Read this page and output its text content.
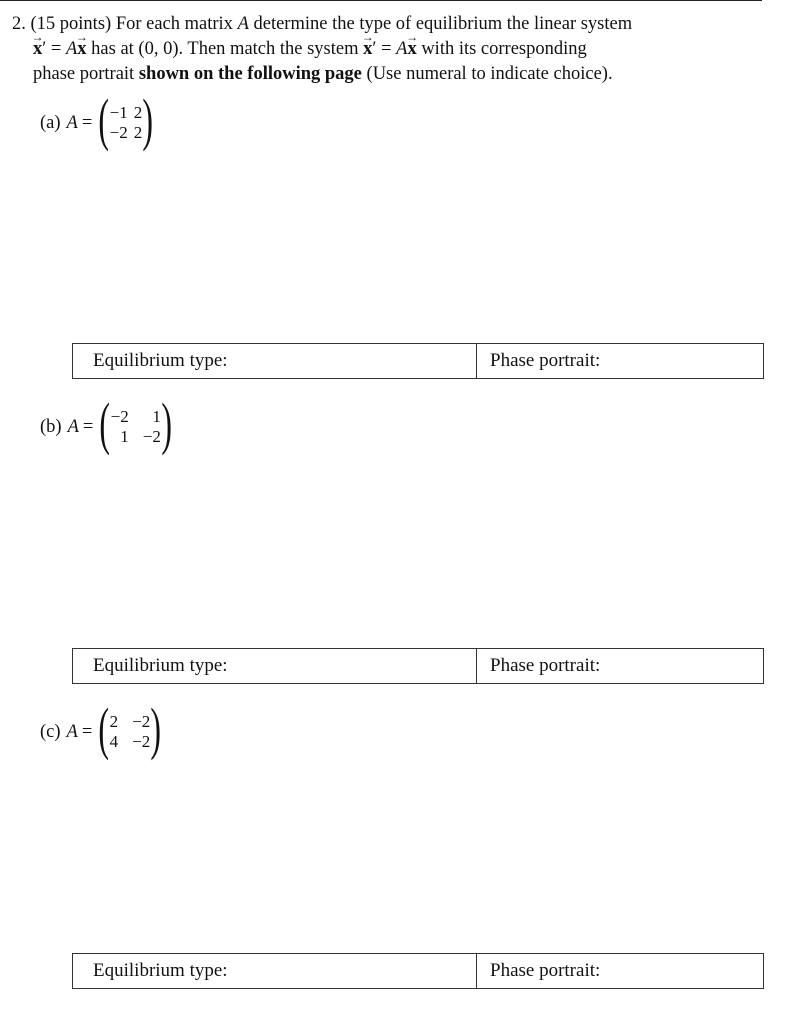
2. (15 points) For each matrix A determine the type of equilibrium the linear system
→ x′ = A→ x has at (0, 0). Then match the system → x′ = A→ x with its corresponding
phase portrait shown on the following page (Use numeral to indicate choice).
(a) A = ( −1 2
−2 2 )
Equilibrium type:	Phase portrait:
(b) A = ( −2	1
1 −2 )
Equilibrium type:	Phase portrait:
(c) A = ( 2 −2
4 −2 )
Equilibrium type:	Phase portrait:
